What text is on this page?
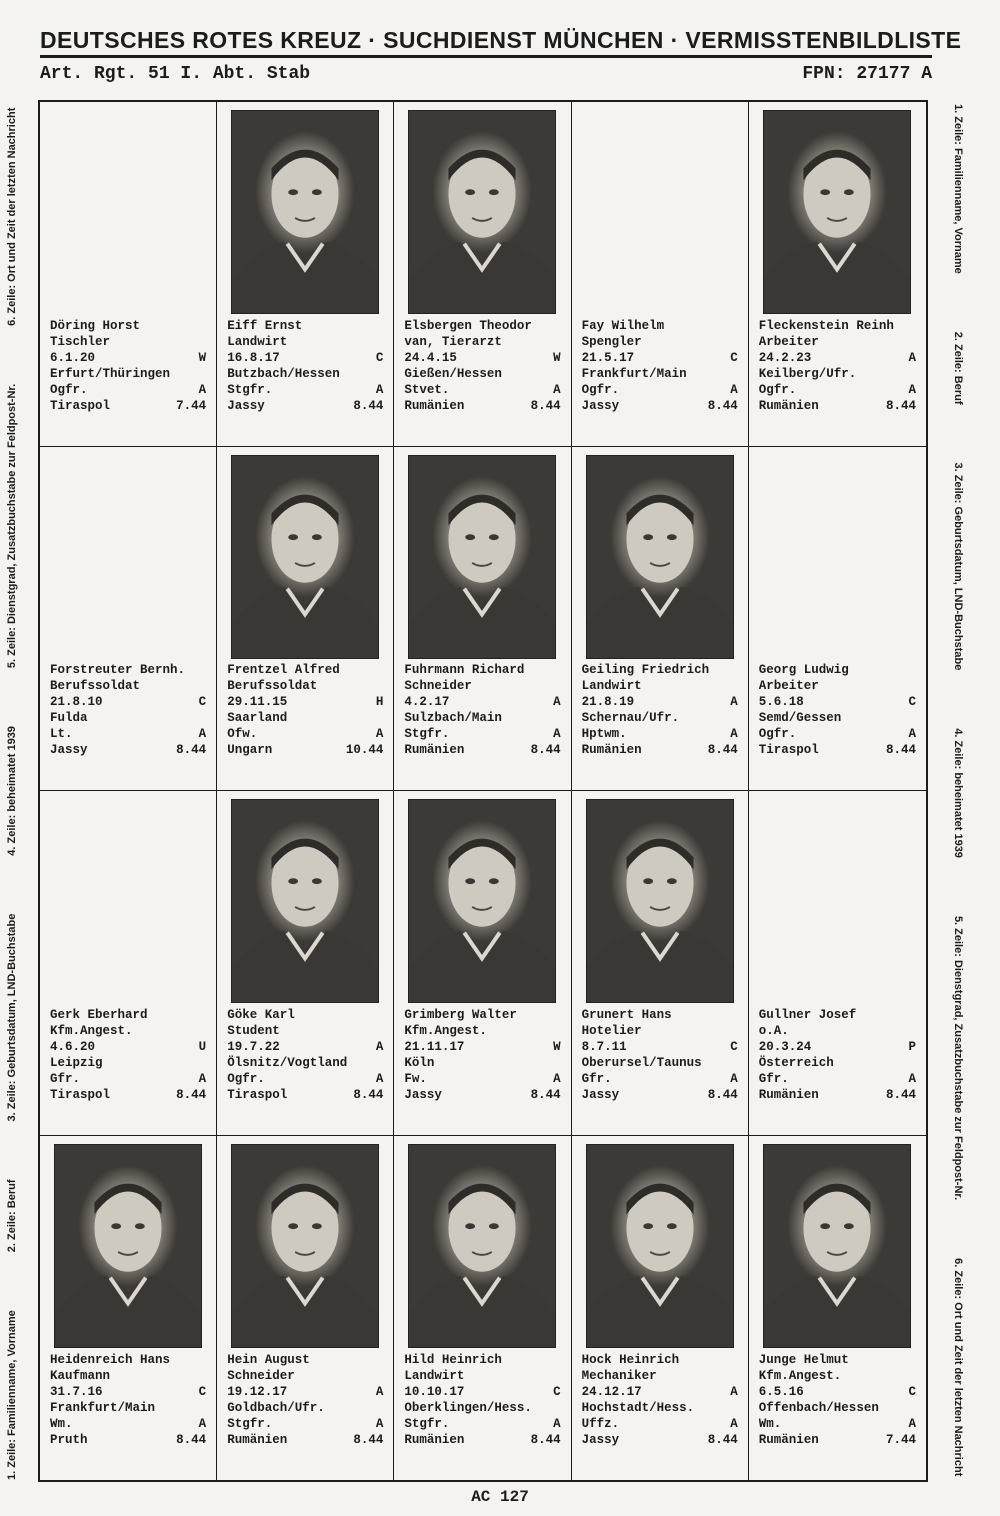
DEUTSCHES ROTES KREUZ · SUCHDIENST MÜNCHEN · VERMISSTENBILDLISTE
Art. Rgt. 51 I. Abt. Stab	FPN: 27177 A
1. Zeile: Familienname, Vorname2. Zeile: Beruf3. Zeile: Geburtsdatum, LND-Buchstabe4. Zeile: beheimatet 19395. Zeile: Dienstgrad, Zusatzbuchstabe zur Feldpost-Nr.6. Zeile: Ort und Zeit der letzten Nachricht	1. Zeile: Familienname, Vorname2. Zeile: Beruf3. Zeile: Geburtsdatum, LND-Buchstabe4. Zeile: beheimatet 19395. Zeile: Dienstgrad, Zusatzbuchstabe zur Feldpost-Nr.6. Zeile: Ort und Zeit der letzten Nachricht
Döring Horst
Tischler
6.1.20	W
Erfurt/Thüringen
Ogfr.	A
Tiraspol	7.44
Eiff Ernst
Landwirt
16.8.17	C
Butzbach/Hessen
Stgfr.	A
Jassy	8.44
Elsbergen Theodor
van, Tierarzt
24.4.15	W
Gießen/Hessen
Stvet.	A
Rumänien	8.44
Fay Wilhelm
Spengler
21.5.17	C
Frankfurt/Main
Ogfr.	A
Jassy	8.44
Fleckenstein Reinh
Arbeiter
24.2.23	A
Keilberg/Ufr.
Ogfr.	A
Rumänien	8.44
Forstreuter Bernh.
Berufssoldat
21.8.10	C
Fulda
Lt.	A
Jassy	8.44
Frentzel Alfred
Berufssoldat
29.11.15	H
Saarland
Ofw.	A
Ungarn	10.44
Fuhrmann Richard
Schneider
4.2.17	A
Sulzbach/Main
Stgfr.	A
Rumänien	8.44
Geiling Friedrich
Landwirt
21.8.19	A
Schernau/Ufr.
Hptwm.	A
Rumänien	8.44
Georg Ludwig
Arbeiter
5.6.18	C
Semd/Gessen
Ogfr.	A
Tiraspol	8.44
Gerk Eberhard
Kfm.Angest.
4.6.20	U
Leipzig
Gfr.	A
Tiraspol	8.44
Göke Karl
Student
19.7.22	A
Ölsnitz/Vogtland
Ogfr.	A
Tiraspol	8.44
Grimberg Walter
Kfm.Angest.
21.11.17	W
Köln
Fw.	A
Jassy	8.44
Grunert Hans
Hotelier
8.7.11	C
Oberursel/Taunus
Gfr.	A
Jassy	8.44
Gullner Josef
o.A.
20.3.24	P
Österreich
Gfr.	A
Rumänien	8.44
Heidenreich Hans
Kaufmann
31.7.16	C
Frankfurt/Main
Wm.	A
Pruth	8.44
Hein August
Schneider
19.12.17	A
Goldbach/Ufr.
Stgfr.	A
Rumänien	8.44
Hild Heinrich
Landwirt
10.10.17	C
Oberklingen/Hess.
Stgfr.	A
Rumänien	8.44
Hock Heinrich
Mechaniker
24.12.17	A
Hochstadt/Hess.
Uffz.	A
Jassy	8.44
Junge Helmut
Kfm.Angest.
6.5.16	C
Offenbach/Hessen
Wm.	A
Rumänien	7.44
AC 127
